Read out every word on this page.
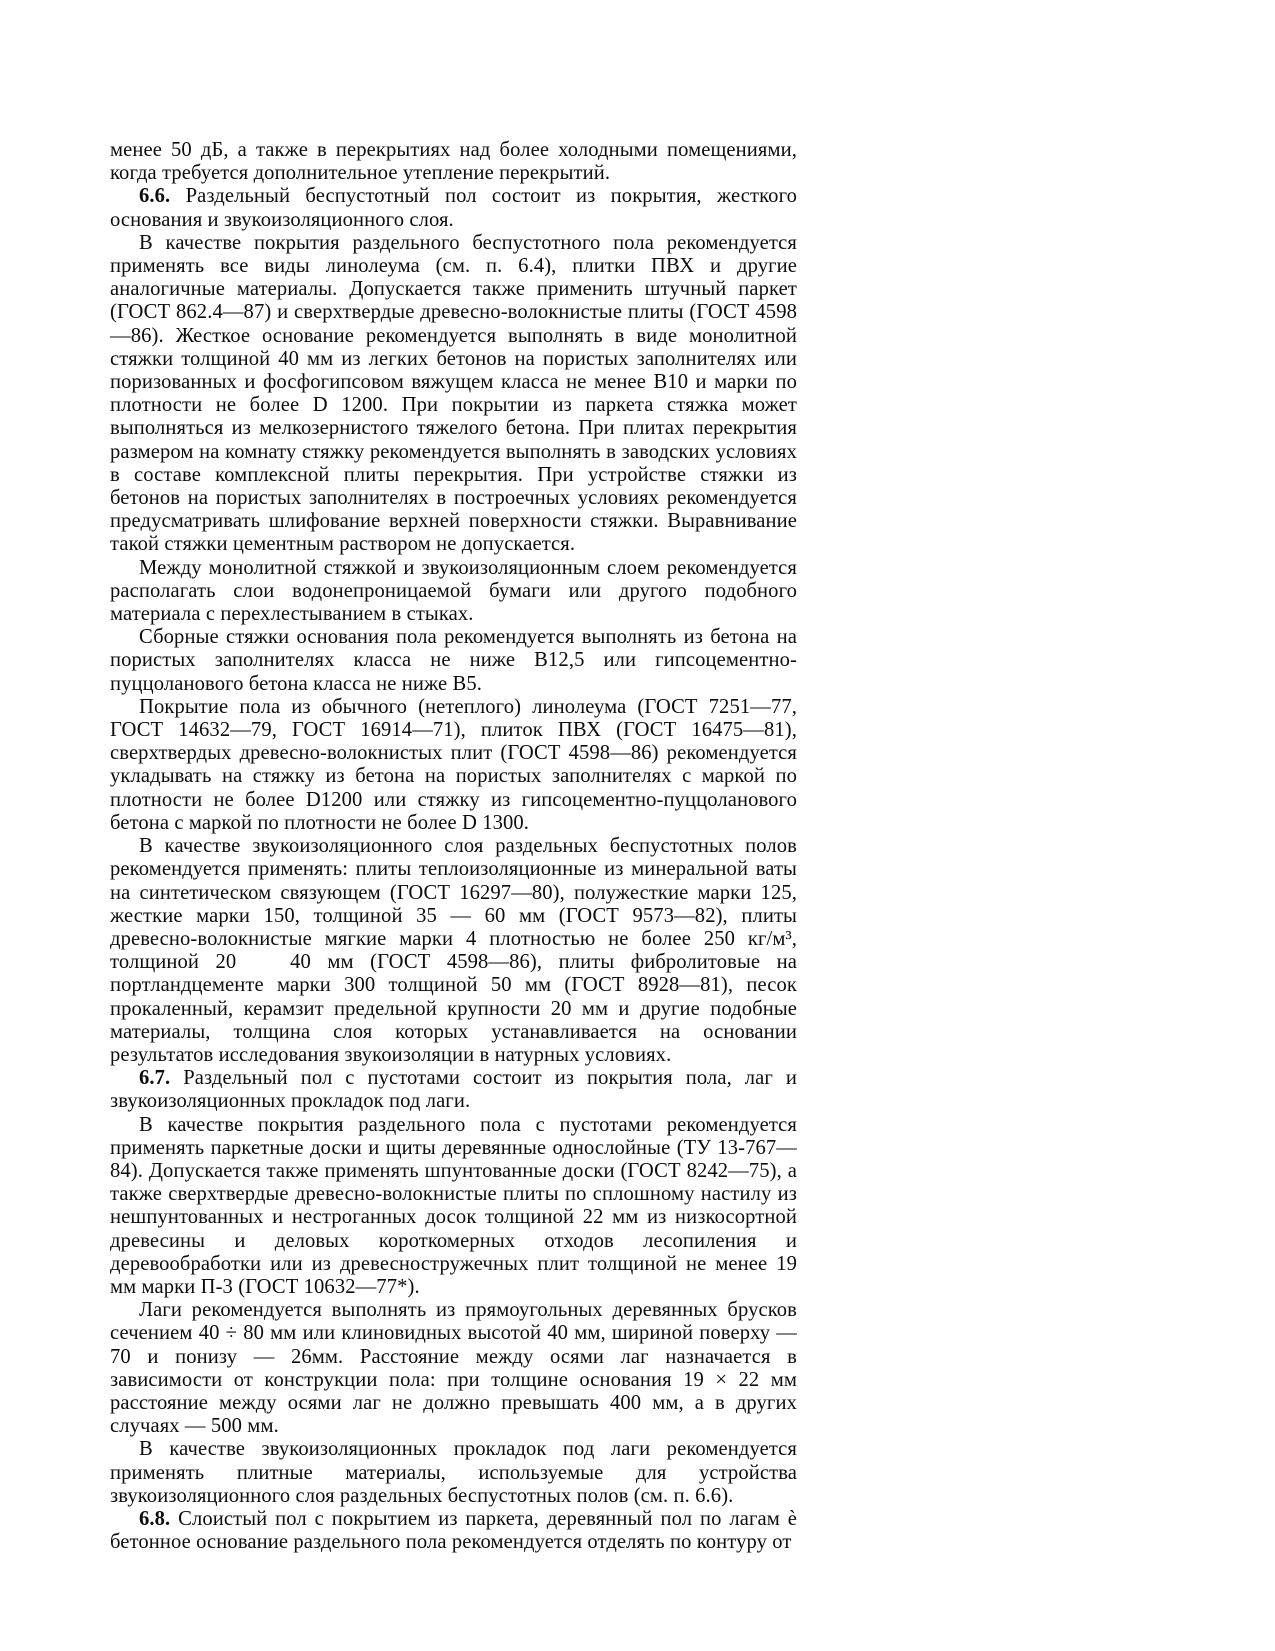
менее 50 дБ, а также в перекрытиях над более холодными помещениями, когда требуется дополнительное утепление перекрытий.

6.6. Раздельный беспустотный пол состоит из покрытия, жесткого основания и звукоизоляционного слоя.

В качестве покрытия раздельного беспустотного пола рекомендуется применять все виды линолеума (см. п. 6.4), плитки ПВХ и другие аналогичные материалы. Допускается также применить штучный паркет (ГОСТ 862.4—87) и сверхтвердые древесно-волокнистые плиты (ГОСТ 4598—86). Жесткое основание рекомендуется выполнять в виде монолитной стяжки толщиной 40 мм из легких бетонов на пористых заполнителях или поризованных и фосфогипсовом вяжущем класса не менее В10 и марки по плотности не более D 1200. При покрытии из паркета стяжка может выполняться из мелкозернистого тяжелого бетона. При плитах перекрытия размером на комнату стяжку рекомендуется выполнять в заводских условиях в составе комплексной плиты перекрытия. При устройстве стяжки из бетонов на пористых заполнителях в построечных условиях рекомендуется предусматривать шлифование верхней поверхности стяжки. Выравнивание такой стяжки цементным раствором не допускается.

Между монолитной стяжкой и звукоизоляционным слоем рекомендуется располагать слои водонепроницаемой бумаги или другого подобного материала с перехлестыванием в стыках.

Сборные стяжки основания пола рекомендуется выполнять из бетона на пористых заполнителях класса не ниже В12,5 или гипсоцементно-пуццоланового бетона класса не ниже В5.

Покрытие пола из обычного (нетеплого) линолеума (ГОСТ 7251—77, ГОСТ 14632—79, ГОСТ 16914—71), плиток ПВХ (ГОСТ 16475—81), сверхтвердых древесно-волокнистых плит (ГОСТ 4598—86) рекомендуется укладывать на стяжку из бетона на пористых заполнителях с маркой по плотности не более D1200 или стяжку из гипсоцементно-пуццоланового бетона с маркой по плотности не более D 1300.

В качестве звукоизоляционного слоя раздельных беспустотных полов рекомендуется применять: плиты теплоизоляционные из минеральной ваты на синтетическом связующем (ГОСТ 16297—80), полужесткие марки 125, жесткие марки 150, толщиной 35 — 60 мм (ГОСТ 9573—82), плиты древесно-волокнистые мягкие марки 4 плотностью не более 250 кг/м³, толщиной 20    40 мм (ГОСТ 4598—86), плиты фибролитовые на портландцементе марки 300 толщиной 50 мм (ГОСТ 8928—81), песок прокаленный, керамзит предельной крупности 20 мм и другие подобные материалы, толщина слоя которых устанавливается на основании результатов исследования звукоизоляции в натурных условиях.

6.7. Раздельный пол с пустотами состоит из покрытия пола, лаг и звукоизоляционных прокладок под лаги.

В качестве покрытия раздельного пола с пустотами рекомендуется применять паркетные доски и щиты деревянные однослойные (ТУ 13-767—84). Допускается также применять шпунтованные доски (ГОСТ 8242—75), а также сверхтвердые древесно-волокнистые плиты по сплошному настилу из нешпунтованных и нестроганных досок толщиной 22 мм из низкосортной древесины и деловых короткомерных отходов лесопиления и деревообработки или из древесностружечных плит толщиной не менее 19 мм марки П-3 (ГОСТ 10632—77*).

Лаги рекомендуется выполнять из прямоугольных деревянных брусков сечением 40 ÷ 80 мм или клиновидных высотой 40 мм, шириной поверху — 70 и понизу — 26мм. Расстояние между осями лаг назначается в зависимости от конструкции пола: при толщине основания 19 × 22 мм расстояние между осями лаг не должно превышать 400 мм, а в других случаях — 500 мм.

В качестве звукоизоляционных прокладок под лаги рекомендуется применять плитные материалы, используемые для устройства звукоизоляционного слоя раздельных беспустотных полов (см. п. 6.6).

6.8. Слоистый пол с покрытием из паркета, деревянный пол по лагам è бетонное основание раздельного пола рекомендуется отделять по контуру от
